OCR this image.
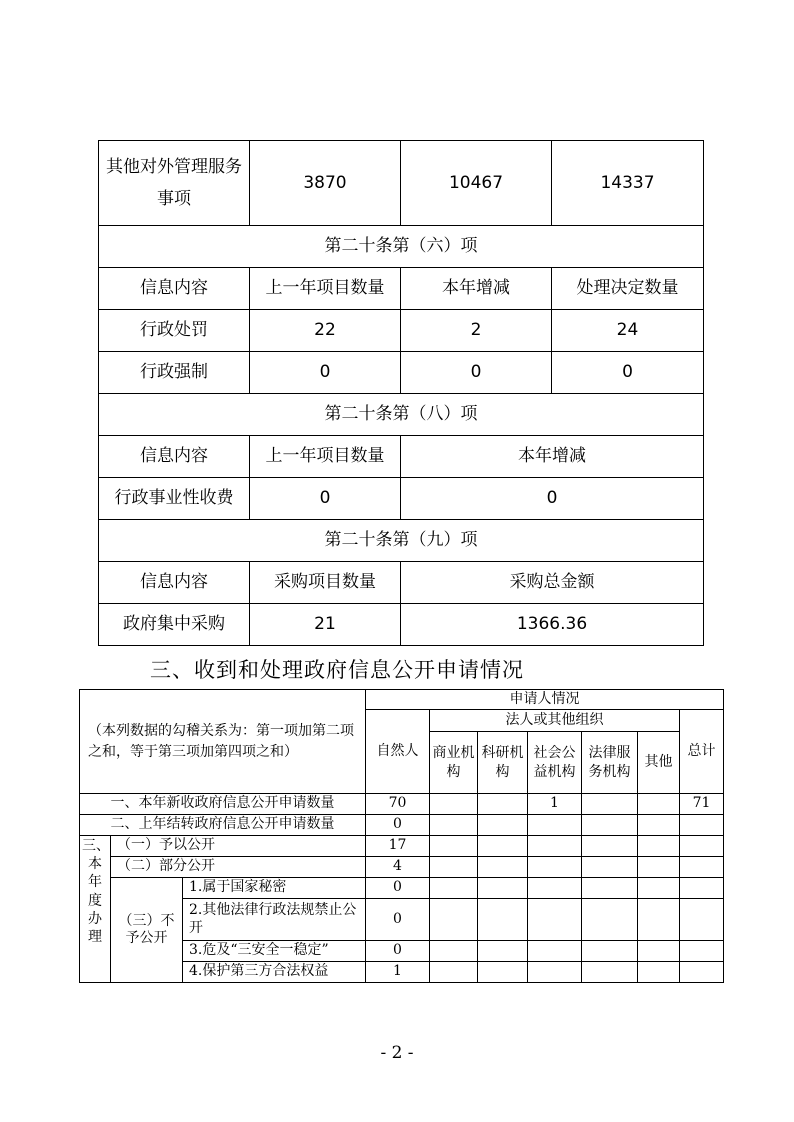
其他对外管理服务事项	3870	10467	14337
第二十条第（六）项			
信息内容	上一年项目数量	本年增减	处理决定数量
行政处罚	22	2	24
行政强制	0	0	0
第二十条第（八）项			
信息内容	上一年项目数量	本年增减	
行政事业性收费	0	0	
第二十条第（九）项			
信息内容	采购项目数量	采购总金额	
政府集中采购	21	1366.36	
三、收到和处理政府信息公开申请情况
（本列数据的勾稽关系为：第一项加第二项之和，等于第三项加第四项之和）			申请人情况						
			自然人	法人或其他组织					总计
				商业机构	科研机构	社会公益机构	法律服务机构	其他	
一、本年新收政府信息公开申请数量			70			1			71
二、上年结转政府信息公开申请数量			0						
三、本年度办理	（一）予以公开		17						
	（二）部分公开		4						
	（三）不予公开	1.属于国家秘密	0						
		2.其他法律行政法规禁止公开	0						
		3.危及“三安全一稳定”	0						
		4.保护第三方合法权益	1						
- 2 -
